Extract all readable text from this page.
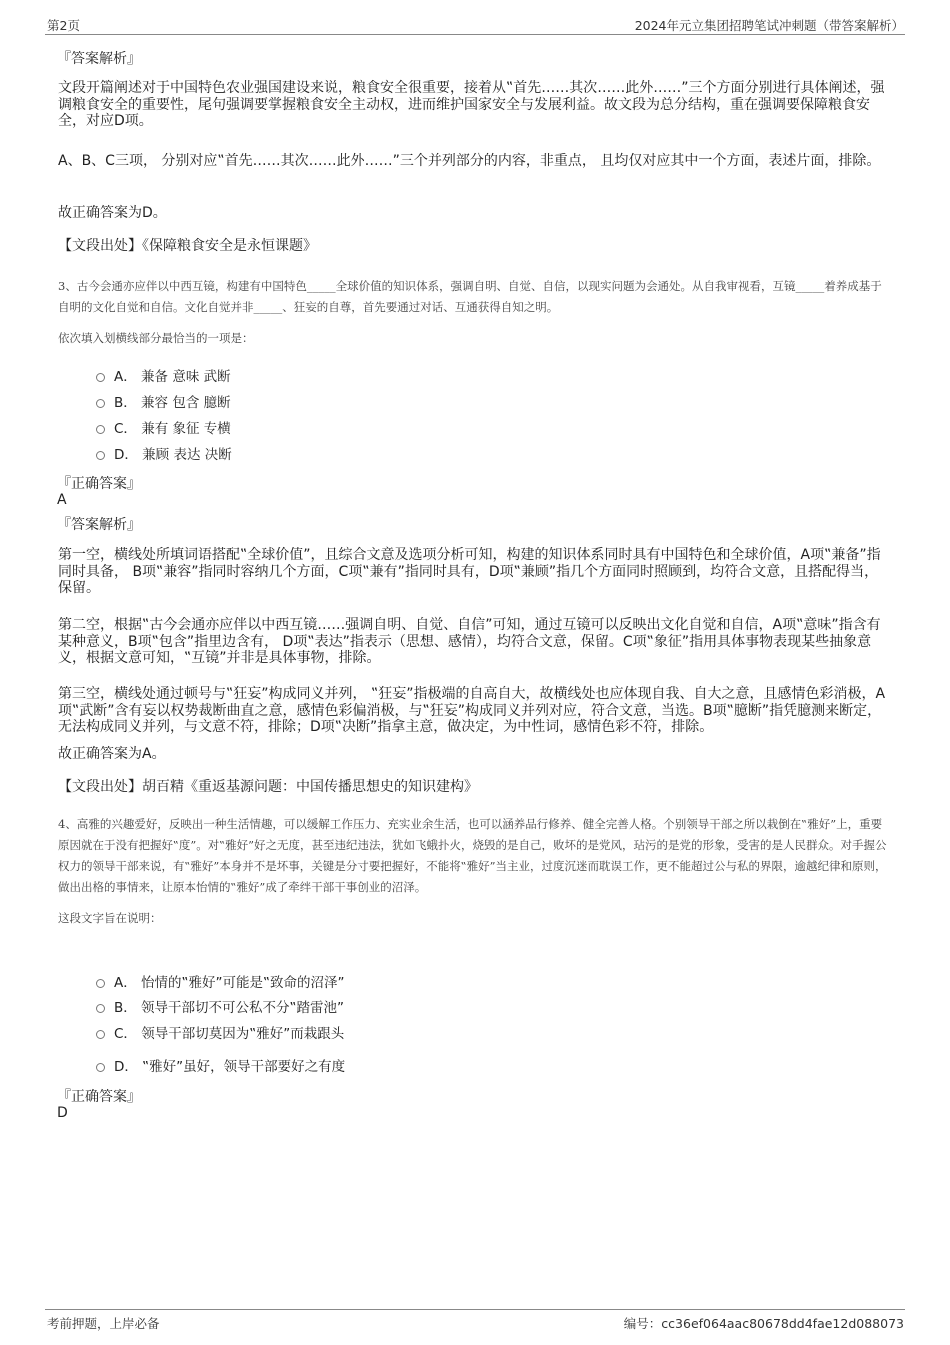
第2页	2024年元立集团招聘笔试冲刺题（带答案解析）
『答案解析』

文段开篇阐述对于中国特色农业强国建设来说，粮食安全很重要，接着从‟首先……其次……此外……”三个方面分别进行具体阐述，强调粮食安全的重要性，尾句强调要掌握粮食安全主动权，进而维护国家安全与发展利益。故文段为总分结构，重在强调要保障粮食安全，对应D项。

A、B、C三项， 分别对应‟首先……其次……此外……”三个并列部分的内容，非重点， 且均仅对应其中一个方面，表述片面，排除。

故正确答案为D。

【文段出处】《保障粮食安全是永恒课题》

3、古今会通亦应伴以中西互镜，构建有中国特色_____全球价值的知识体系，强调自明、自觉、自信，以现实问题为会通处。从自我审视看，互镜_____着养成基于自明的文化自觉和自信。文化自觉并非_____、狂妄的自尊，首先要通过对话、互通获得自知之明。

依次填入划横线部分最恰当的一项是：

A． 兼备 意味 武断
B． 兼容 包含 臆断
C． 兼有 象征 专横
D． 兼顾 表达 决断
『正确答案』
A
『答案解析』

第一空，横线处所填词语搭配‟全球价值”，且综合文意及选项分析可知，构建的知识体系同时具有中国特色和全球价值，A项‟兼备”指同时具备， B项‟兼容”指同时容纳几个方面，C项‟兼有”指同时具有，D项‟兼顾”指几个方面同时照顾到，均符合文意，且搭配得当，保留。

第二空，根据‟古今会通亦应伴以中西互镜……强调自明、自觉、自信”可知，通过互镜可以反映出文化自觉和自信，A项‟意味”指含有某种意义，B项‟包含”指里边含有， D项‟表达”指表示（思想、感情），均符合文意，保留。C项‟象征”指用具体事物表现某些抽象意义，根据文意可知，‟互镜”并非是具体事物，排除。

第三空，横线处通过顿号与‟狂妄”构成同义并列， ‟狂妄”指极端的自高自大，故横线处也应体现自我、自大之意，且感情色彩消极，A项‟武断”含有妄以权势裁断曲直之意，感情色彩偏消极，与‟狂妄”构成同义并列对应，符合文意，当选。B项‟臆断”指凭臆测来断定，无法构成同义并列，与文意不符，排除；D项‟决断”指拿主意，做决定，为中性词，感情色彩不符，排除。

故正确答案为A。

【文段出处】胡百精《重返基源问题：中国传播思想史的知识建构》

4、高雅的兴趣爱好，反映出一种生活情趣，可以缓解工作压力、充实业余生活，也可以涵养品行修养、健全完善人格。个别领导干部之所以栽倒在‟雅好”上，重要原因就在于没有把握好‟度”。对‟雅好”好之无度，甚至违纪违法，犹如飞蛾扑火，烧毁的是自己，败坏的是党风，玷污的是党的形象，受害的是人民群众。对手握公权力的领导干部来说，有‟雅好”本身并不是坏事，关键是分寸要把握好，不能将‟雅好”当主业，过度沉迷而耽误工作，更不能超过公与私的界限，逾越纪律和原则，做出出格的事情来，让原本怡情的‟雅好”成了牵绊干部干事创业的沼泽。

这段文字旨在说明：

A． 怡情的‟雅好”可能是‟致命的沼泽”
B． 领导干部切不可公私不分‟踏雷池”
C． 领导干部切莫因为‟雅好”而栽跟头
D． ‟雅好”虽好，领导干部要好之有度
『正确答案』
D
考前押题，上岸必备	编号：cc36ef064aac80678dd4fae12d088073
